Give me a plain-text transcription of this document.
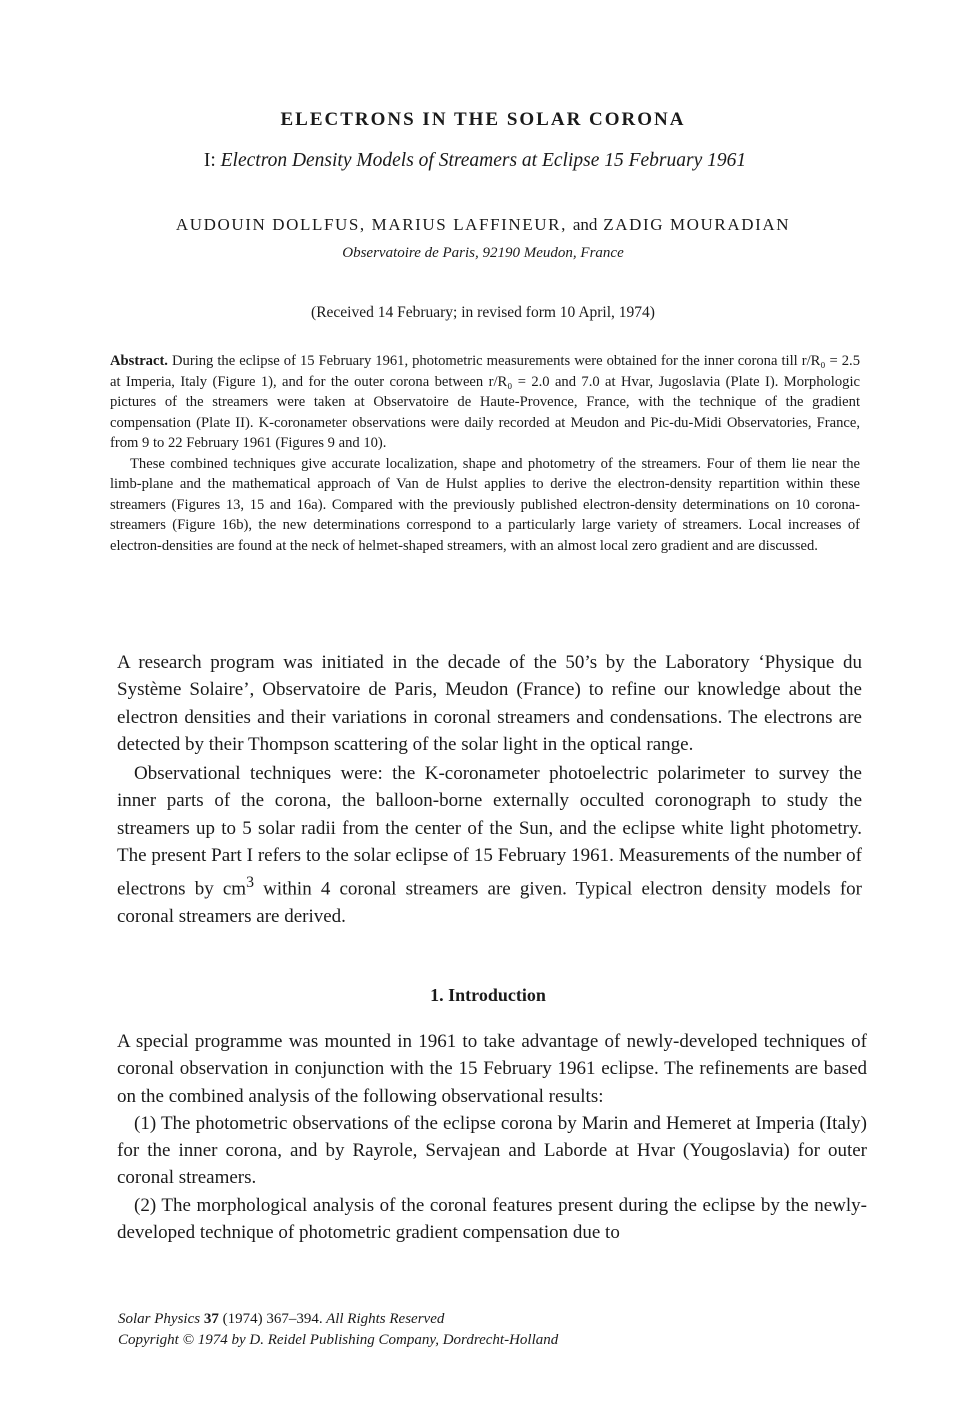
ELECTRONS IN THE SOLAR CORONA
I: Electron Density Models of Streamers at Eclipse 15 February 1961
AUDOUIN DOLLFUS, MARIUS LAFFINEUR, and ZADIG MOURADIAN
Observatoire de Paris, 92190 Meudon, France
(Received 14 February; in revised form 10 April, 1974)

Abstract. During the eclipse of 15 February 1961, photometric measurements were obtained for the inner corona till r/R₀ = 2.5 at Imperia, Italy (Figure 1), and for the outer corona between r/R₀ = 2.0 and 7.0 at Hvar, Jugoslavia (Plate I). Morphologic pictures of the streamers were taken at Observatoire de Haute-Provence, France, with the technique of the gradient compensation (Plate II). K-coronameter observations were daily recorded at Meudon and Pic-du-Midi Observatories, France, from 9 to 22 February 1961 (Figures 9 and 10).

These combined techniques give accurate localization, shape and photometry of the streamers. Four of them lie near the limb-plane and the mathematical approach of Van de Hulst applies to derive the electron-density repartition within these streamers (Figures 13, 15 and 16a). Compared with the previously published electron-density determinations on 10 corona-streamers (Figure 16b), the new determinations correspond to a particularly large variety of streamers. Local increases of electron-densities are found at the neck of helmet-shaped streamers, with an almost local zero gradient and are discussed.

A research program was initiated in the decade of the 50’s by the Laboratory ‘Physique du Système Solaire’, Observatoire de Paris, Meudon (France) to refine our knowledge about the electron densities and their variations in coronal streamers and condensations. The electrons are detected by their Thompson scattering of the solar light in the optical range.

Observational techniques were: the K-coronameter photoelectric polarimeter to survey the inner parts of the corona, the balloon-borne externally occulted coronograph to study the streamers up to 5 solar radii from the center of the Sun, and the eclipse white light photometry. The present Part I refers to the solar eclipse of 15 February 1961. Measurements of the number of electrons by $cm^3$ within 4 coronal streamers are given. Typical electron density models for coronal streamers are derived.

1. Introduction

A special programme was mounted in 1961 to take advantage of newly-developed techniques of coronal observation in conjunction with the 15 February 1961 eclipse. The refinements are based on the combined analysis of the following observational results:

(1) The photometric observations of the eclipse corona by Marin and Hemeret at Imperia (Italy) for the inner corona, and by Rayrole, Servajean and Laborde at Hvar (Yougoslavia) for outer coronal streamers.

(2) The morphological analysis of the coronal features present during the eclipse by the newly-developed technique of photometric gradient compensation due to

Solar Physics 37 (1974) 367–394. All Rights Reserved
Copyright © 1974 by D. Reidel Publishing Company, Dordrecht-Holland
